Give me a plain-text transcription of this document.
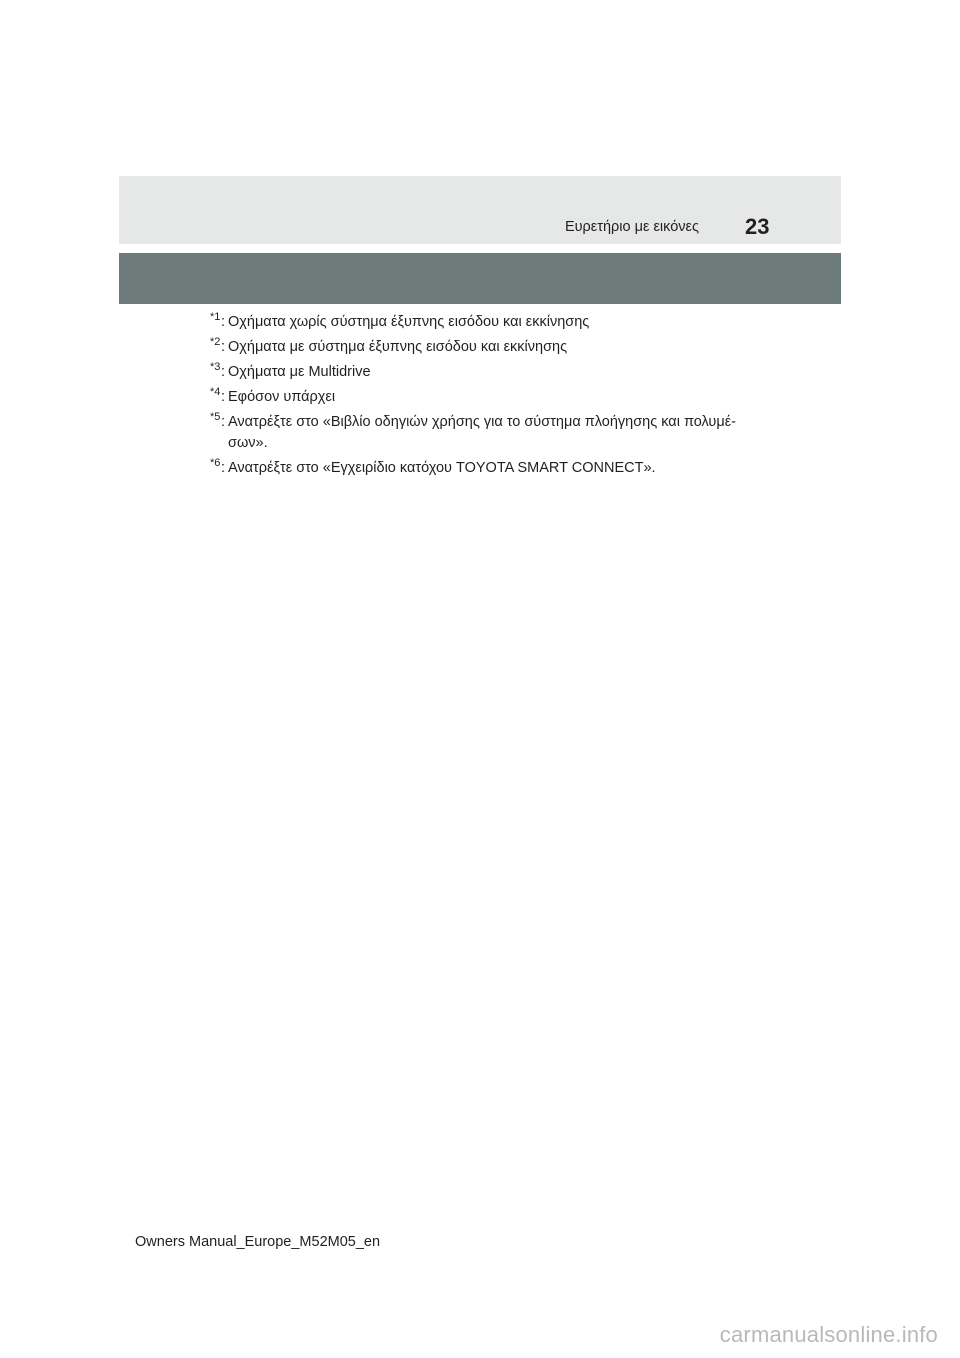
Ευρετήριο με εικόνες 23
*1 : Οχήματα χωρίς σύστημα έξυπνης εισόδου και εκκίνησης
*2 : Οχήματα με σύστημα έξυπνης εισόδου και εκκίνησης
*3 : Οχήματα με Multidrive
*4 : Εφόσον υπάρχει
*5 : Ανατρέξτε στο «Βιβλίο οδηγιών χρήσης για το σύστημα πλοήγησης και πολυμέ-σων».
*6 : Ανατρέξτε στο «Εγχειρίδιο κατόχου TOYOTA SMART CONNECT».
Owners Manual_Europe_M52M05_en
carmanualsonline.info
